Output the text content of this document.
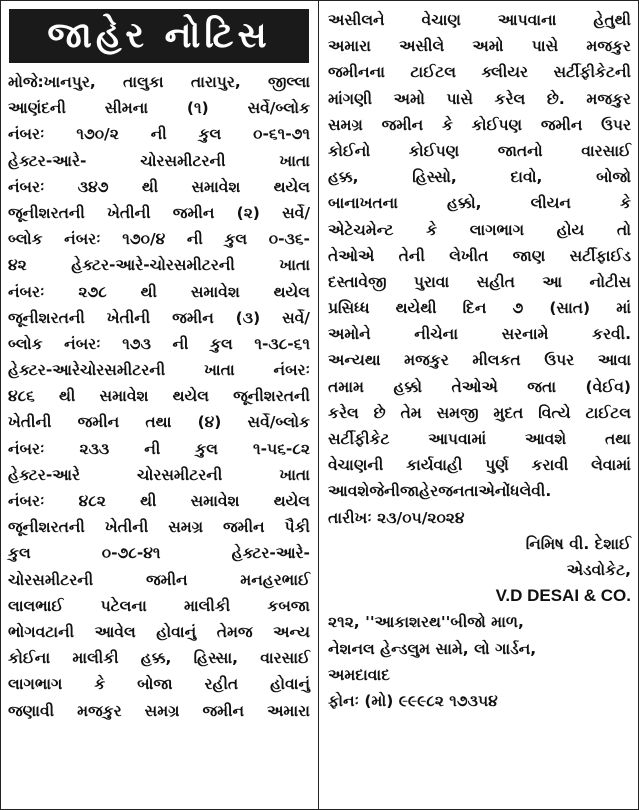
જાહેર નોટિસ
મોજે:ખાનપુર, તાલુકા તારાપુર, જીલ્લા
આણંદની	સીમના	(૧)	સર્વે/બ્લોક
નંબરઃ ૧૭૦/૨ ની કુલ ૦-૬૧-૭૧
હેક્ટર-આરે-	ચોરસમીટરની	ખાતા
નંબરઃ ૩૪૭ થી સમાવેશ થયેલ
જૂનીશરતની ખેતીની જમીન (૨) સર્વે/
બ્લોક નંબરઃ ૧૭૦/૪ ની કુલ ૦-૩૬-
૪૨	હેક્ટર-આરે-ચોરસમીટરની	ખાતા
નંબરઃ ૨૭૮ થી સમાવેશ થયેલ
જૂનીશરતની ખેતીની જમીન (૩) સર્વે/
બ્લોક નંબરઃ ૧૭૩ ની કુલ ૧-૩૮-૬૧
હેક્ટર-આરેચોરસમીટરની	ખાતા	નંબરઃ
૪૮૬ થી સમાવેશ થયેલ જૂનીશરતની
ખેતીની જમીન તથા (૪) સર્વે/બ્લોક
નંબરઃ ૨૩૩ ની કુલ ૧-૫૬-૮૨
હેક્ટર-આરે	ચોરસમીટરની	ખાતા
નંબરઃ ૪૮૨ થી સમાવેશ થયેલ
જૂનીશરતની ખેતીની સમગ્ર જમીન પૈકી
કુલ	૦-૭૮-૪૧	હેક્ટર-આરે-
ચોરસમીટરની	જમીન	મનહરભાઈ
લાલભાઈ પટેલના માલીકી કબજા
ભોગવટાની આવેલ હોવાનું તેમજ અન્ય
કોઈના માલીકી હક્ક, હિસ્સા, વારસાઈ
લાગભાગ કે બોજા રહીત હોવાનું
જણાવી મજકુર સમગ્ર જમીન અમારા
અસીલને વેચાણ આપવાના હેતુથી
અમારા અસીલે અમો પાસે મજકુર
જમીનના ટાઈટલ ક્લીયર સર્ટીફીકેટની
માંગણી અમો પાસે કરેલ છે. મજકુર
સમગ્ર જમીન કે કોઈપણ જમીન ઉપર
કોઈનો કોઈપણ જાતનો વારસાઈ
હક્ક,	હિસ્સો,	દાવો,	બોજો
બાનાખતના	હક્કો,	લીયન	કે
એટેચમેન્ટ કે લાગભાગ હોય તો
તેઓએ તેની લેખીત જાણ સર્ટીફાઈડ
દસ્તાવેજી પુરાવા સહીત આ નોટીસ
પ્રસિધ્ધ થયેથી દિન ૭ (સાત) માં
અમોને	નીચેના	સરનામે	કરવી.
અન્યથા મજકુર મીલકત ઉપર આવા
તમામ હક્કો તેઓએ જતા (વેઈવ)
કરેલ છે તેમ સમજી મુદત વિત્યે ટાઈટલ
સર્ટીફીકેટ આપવામાં આવશે તથા
વેચાણની કાર્યવાહી પુર્ણ કરાવી લેવામાં
આવશે જેની જાહેર જનતાએ નોંધ લેવી.
તારીખઃ ૨૩/૦૫/૨૦૨૪
નિમિષ વી. દેશાઈ
એડવોકેટ,
V.D DESAI & CO.
૨૧૨, ''આકાશરથ''બીજો માળ,
નેશનલ હેન્ડલુમ સામે, લો ગાર્ડન,
અમદાવાદ
ફોનઃ (મો) ૯૯૯૮૨ ૧૭૩૫૪
